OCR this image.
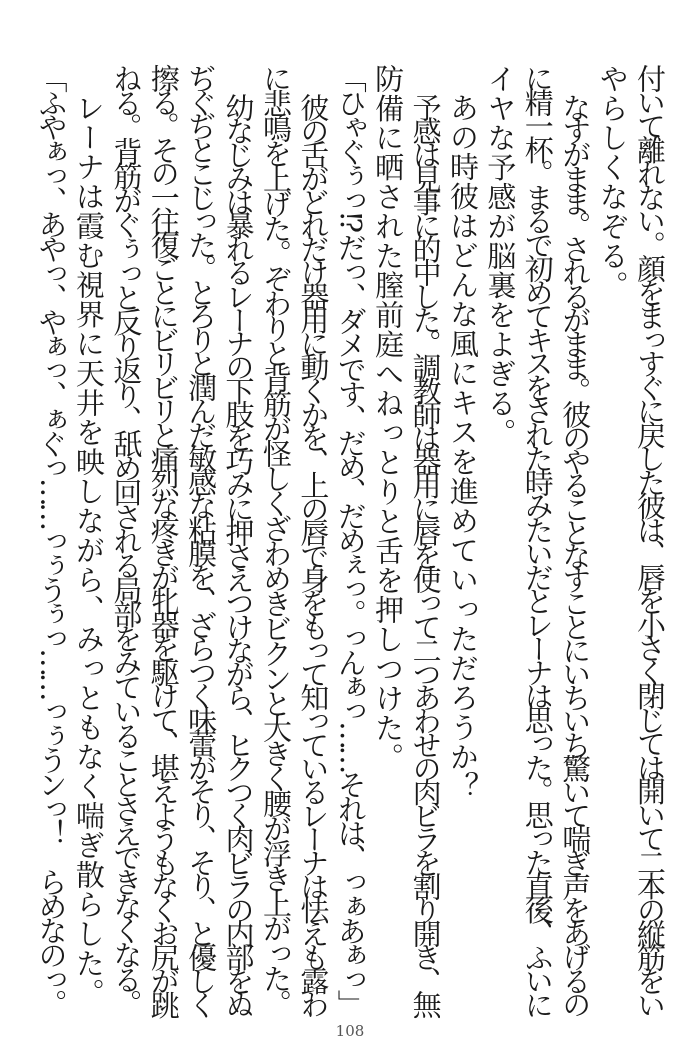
付いて離れない。顔をまっすぐに戻した彼は、唇を小さく閉じては開いて二本の縦筋をい

やらしくなぞる。

なすがまま。されるがまま。彼のやることなすことにいちいち驚いて喘ぎ声をあげるの

に精一杯。まるで初めてキスをされた時みたいだとレーナは思った。思った直後、ふいに

イヤな予感が脳裏をよぎる。

あの時彼はどんな風にキスを進めていっただろうか？

予感は見事に的中した。調教師は器用に唇を使って二つあわせの肉ビラを割り開き、無

防備に晒された膣前庭へねっとりと舌を押しつけた。

「ひゃぐぅっ!? だっ、ダメです、だめ、だめぇっ。っんぁっ……それは、っぁあぁっ」

彼の舌がどれだけ器用に動くかを、上の唇で身をもって知っているレーナは怯えも露わ

に悲鳴を上げた。ぞわりと背筋が怪しくざわめきビクンと大きく腰が浮き上がった。

幼なじみは暴れるレーナの下肢を巧みに押さえつけながら、ヒクつく肉ビラの内部をぬ

ぢぐぢとこじった。とろりと潤んだ敏感な粘膜を、ざらつく味蕾がそり、そり、と優しく

擦る。その一往復ごとにビリビリと痛烈な疼きが牝器を駆けて、堪えようもなくお尻が跳

ねる。背筋がぐぅっと反り返り、舐め回される局部をみていることさえできなくなる。

レーナは霞む視界に天井を映しながら、みっともなく喘ぎ散らした。

「ふやぁっ、あやっ、やぁっ、ぁぐっ……っぅうぅっ……っぅうンっ！　らめなのっ。

108
